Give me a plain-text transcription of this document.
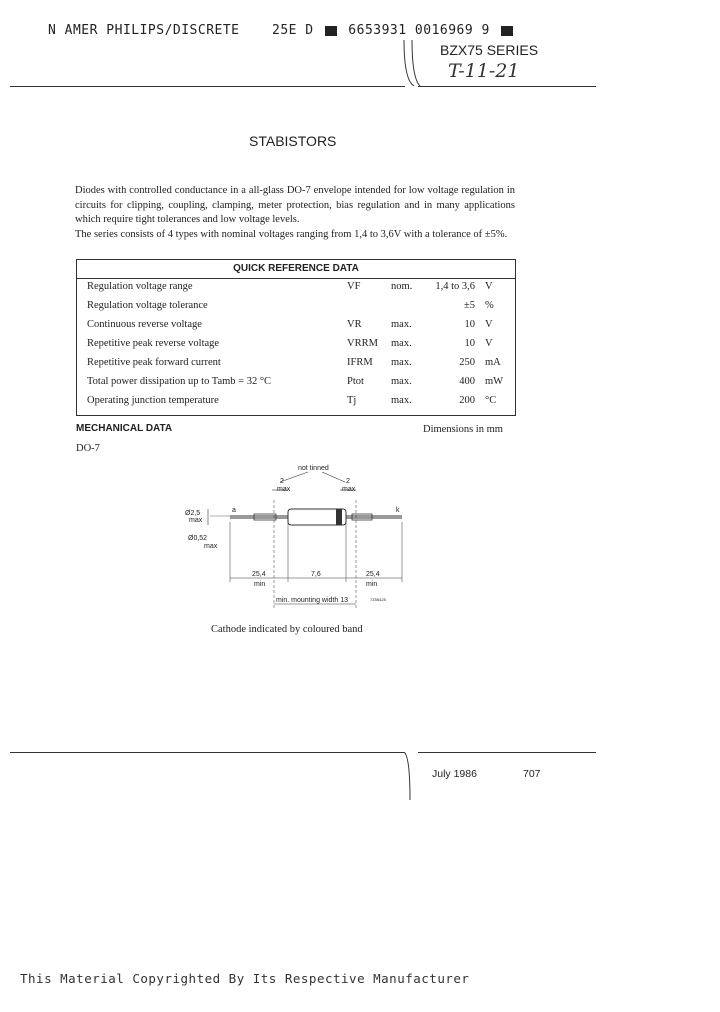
N AMER PHILIPS/DISCRETE 25E D	6653931 0016969 9
BZX75 SERIES
T-11-21
STABISTORS

Diodes with controlled conductance in a all-glass DO-7 envelope intended for low voltage regulation in circuits for clipping, coupling, clamping, meter protection, bias regulation and in many applications which require tight tolerances and low voltage levels.

The series consists of 4 types with nominal voltages ranging from 1,4 to 3,6V with a tolerance of ±5%.

QUICK REFERENCE DATA
Regulation voltage range	VF	nom. 1,4 to 3,6 V
Regulation voltage tolerance	±5 %
Continuous reverse voltage	VR	max.	10 V
Repetitive peak reverse voltage	VRRM max.	10 V
Repetitive peak forward current	IFRM max.	250 mA
Total power dissipation up to Tamb = 32 °C	Ptot	max.	400 mW
Operating junction temperature	Tj	max.	200 °C
MECHANICAL DATA	Dimensions in mm
DO-7
not tinned
2
max
2
max
Ø2,5
max
Ø0,52
max
a	k
25,4
min
7,6	25,4
min
min. mounting width 13	7Z56425
Cathode indicated by coloured band
July 1986	707
This Material Copyrighted By Its Respective Manufacturer
